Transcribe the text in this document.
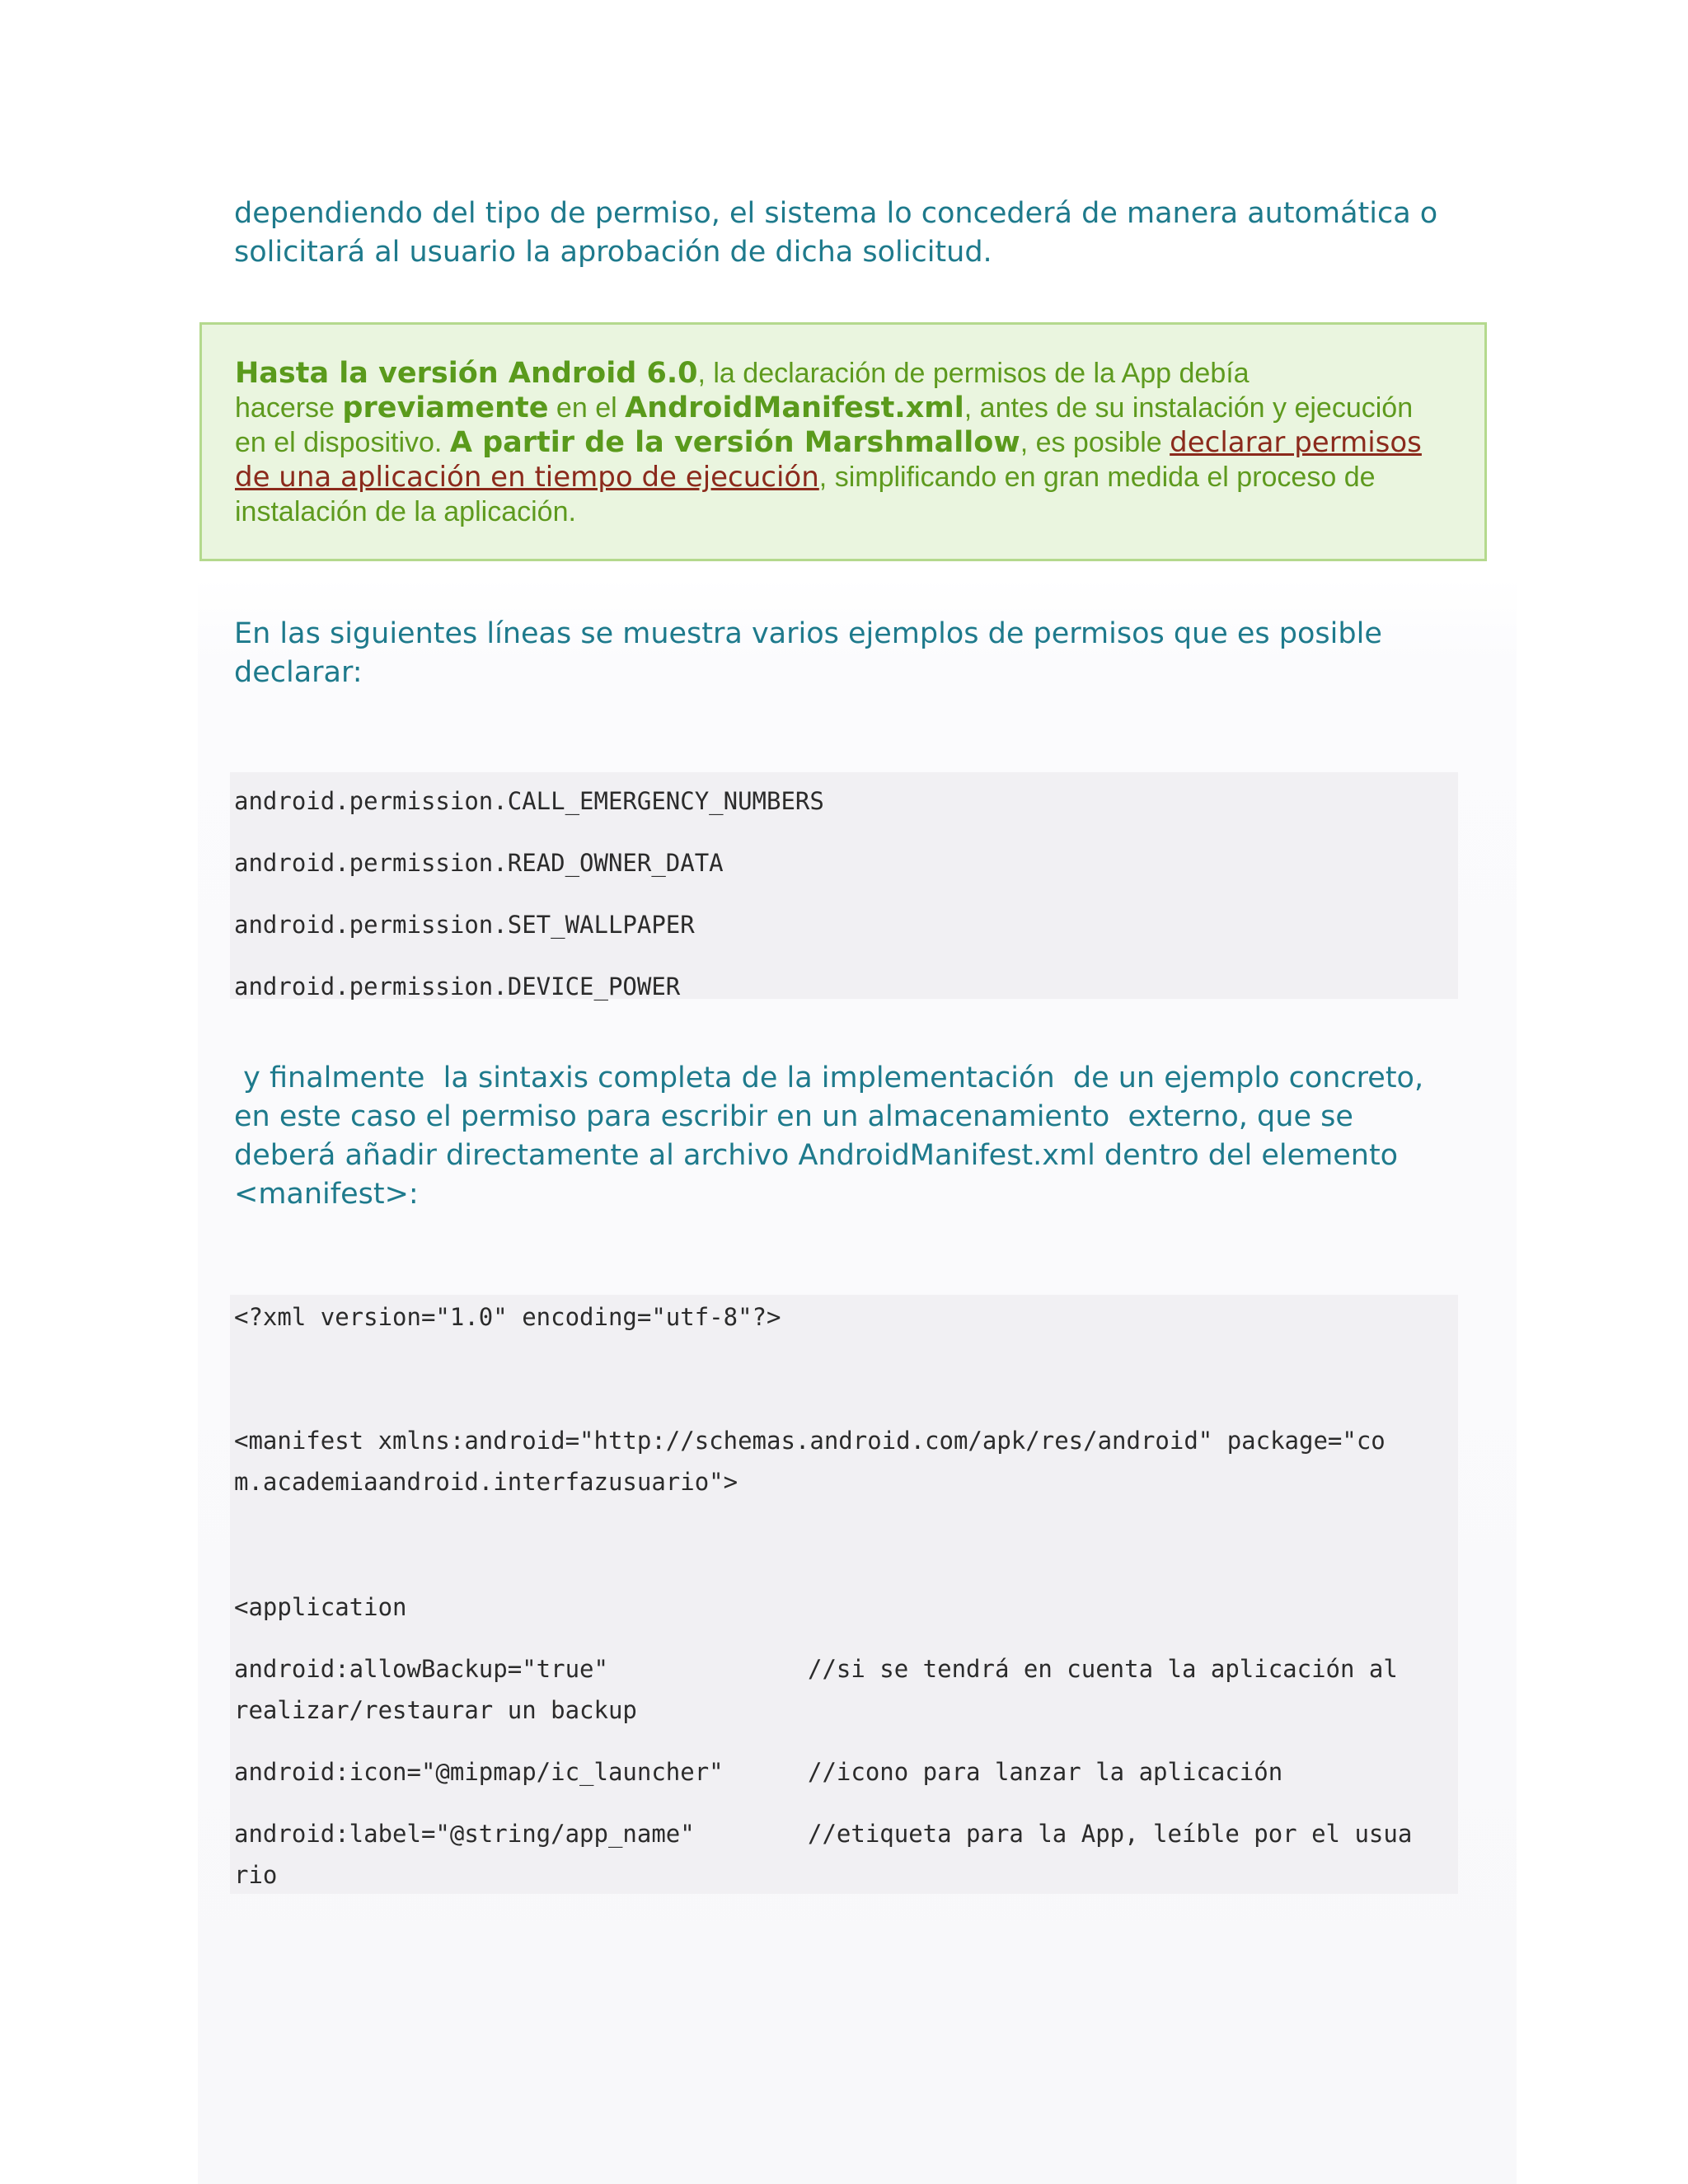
dependiendo del tipo de permiso, el sistema lo concederá de manera automática o
solicitará al usuario la aprobación de dicha solicitud.
Hasta la versión Android 6.0, la declaración de permisos de la App debía
hacerse previamente en el AndroidManifest.xml, antes de su instalación y ejecución
en el dispositivo. A partir de la versión Marshmallow, es posible declarar permisos
de una aplicación en tiempo de ejecución, simplificando en gran medida el proceso de
instalación de la aplicación.
En las siguientes líneas se muestra varios ejemplos de permisos que es posible
declarar:
android.permission.CALL_EMERGENCY_NUMBERS
android.permission.READ_OWNER_DATA
android.permission.SET_WALLPAPER
android.permission.DEVICE_POWER
y finalmente  la sintaxis completa de la implementación  de un ejemplo concreto,
en este caso el permiso para escribir en un almacenamiento  externo, que se
deberá añadir directamente al archivo AndroidManifest.xml dentro del elemento
<manifest>:
<?xml version="1.0" encoding="utf-8"?>
<manifest xmlns:android="http://schemas.android.com/apk/res/android" package="co
m.academiaandroid.interfazusuario">
<application
android:allowBackup="true"	//si se tendrá en cuenta la aplicación al
realizar/restaurar un backup
android:icon="@mipmap/ic_launcher"	//icono para lanzar la aplicación
android:label="@string/app_name"	//etiqueta para la App, leíble por el usua
rio
